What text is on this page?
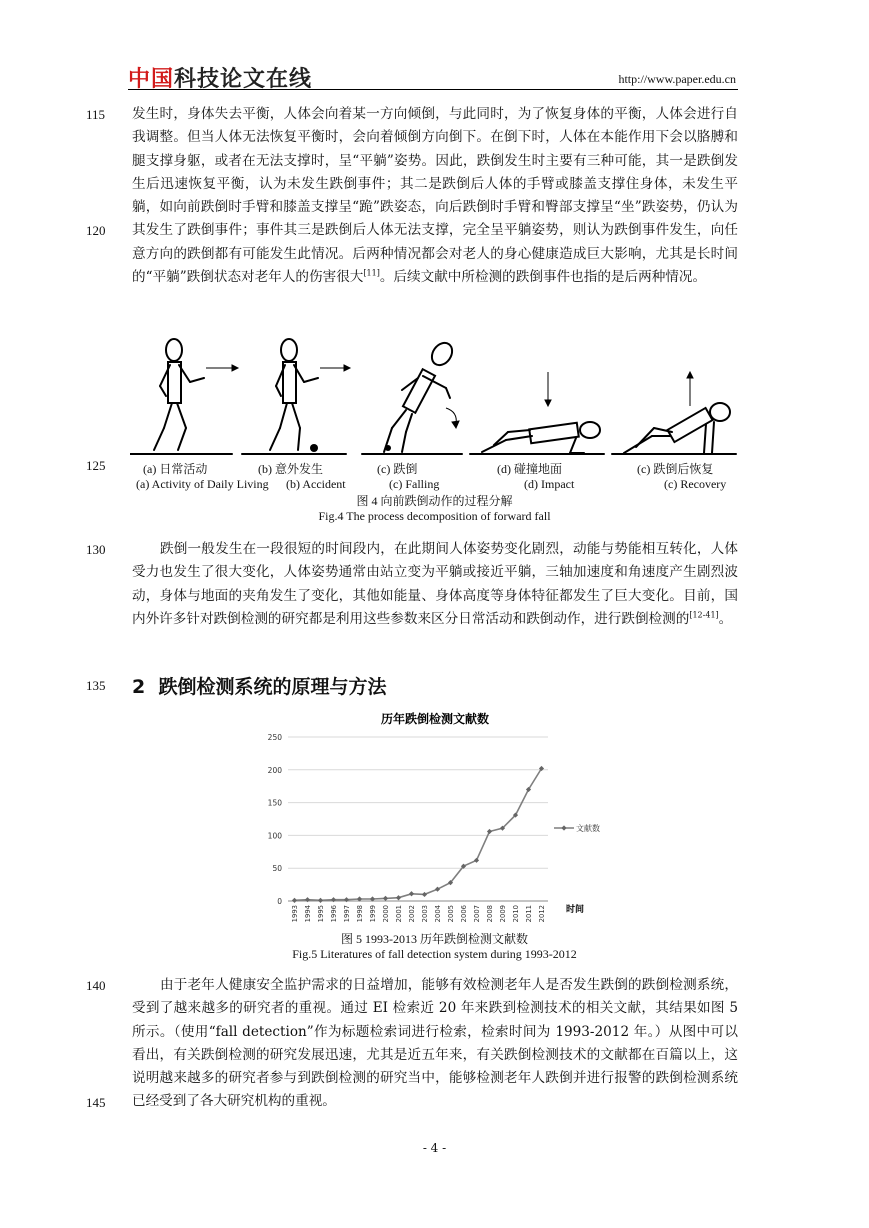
中国科技论文在线	http://www.paper.edu.cn
115
120
125
130
135
140
145
发生时，身体失去平衡，人体会向着某一方向倾倒，与此同时，为了恢复身体的平衡，人体会进行自我调整。但当人体无法恢复平衡时，会向着倾倒方向倒下。在倒下时，人体在本能作用下会以胳膊和腿支撑身躯，或者在无法支撑时，呈“平躺”姿势。因此，跌倒发生时主要有三种可能，其一是跌倒发生后迅速恢复平衡，认为未发生跌倒事件；其二是跌倒后人体的手臂或膝盖支撑住身体，未发生平躺，如向前跌倒时手臂和膝盖支撑呈“跪”跌姿态，向后跌倒时手臂和臀部支撑呈“坐”跌姿势，仍认为其发生了跌倒事件；事件其三是跌倒后人体无法支撑，完全呈平躺姿势，则认为跌倒事件发生，向任意方向的跌倒都有可能发生此情况。后两种情况都会对老人的身心健康造成巨大影响，尤其是长时间的“平躺”跌倒状态对老年人的伤害很大[11]。后续文献中所检测的跌倒事件也指的是后两种情况。
(a) 日常活动	(b) 意外发生	(c) 跌倒	(d) 碰撞地面	(c) 跌倒后恢复
(a) Activity of Daily Living (b) Accident	(c) Falling	(d) Impact	(c) Recovery
图 4 向前跌倒动作的过程分解
Fig.4 The process decomposition of forward fall
跌倒一般发生在一段很短的时间段内，在此期间人体姿势变化剧烈，动能与势能相互转化，人体受力也发生了很大变化，人体姿势通常由站立变为平躺或接近平躺，三轴加速度和角速度产生剧烈波动，身体与地面的夹角发生了变化，其他如能量、身体高度等身体特征都发生了巨大变化。目前，国内外许多针对跌倒检测的研究都是利用这些参数来区分日常活动和跌倒动作，进行跌倒检测的[12-41]。
2 跌倒检测系统的原理与方法
历年跌倒检测文献数
0
50
100
150
200
250
1993 1994 1995 1996 1997 1998 1999 2000 2001 2002 2003 2004 2005 2006 2007 2008 2009 2010 2011 2012
文献数
时间
图 5 1993-2013 历年跌倒检测文献数
Fig.5 Literatures of fall detection system during 1993-2012
由于老年人健康安全监护需求的日益增加，能够有效检测老年人是否发生跌倒的跌倒检测系统，受到了越来越多的研究者的重视。通过 EI 检索近 20 年来跌到检测技术的相关文献，其结果如图 5 所示。（使用“fall detection”作为标题检索词进行检索，检索时间为 1993-2012 年。）从图中可以看出，有关跌倒检测的研究发展迅速，尤其是近五年来，有关跌倒检测技术的文献都在百篇以上，这说明越来越多的研究者参与到跌倒检测的研究当中，能够检测老年人跌倒并进行报警的跌倒检测系统已经受到了各大研究机构的重视。
- 4 -
